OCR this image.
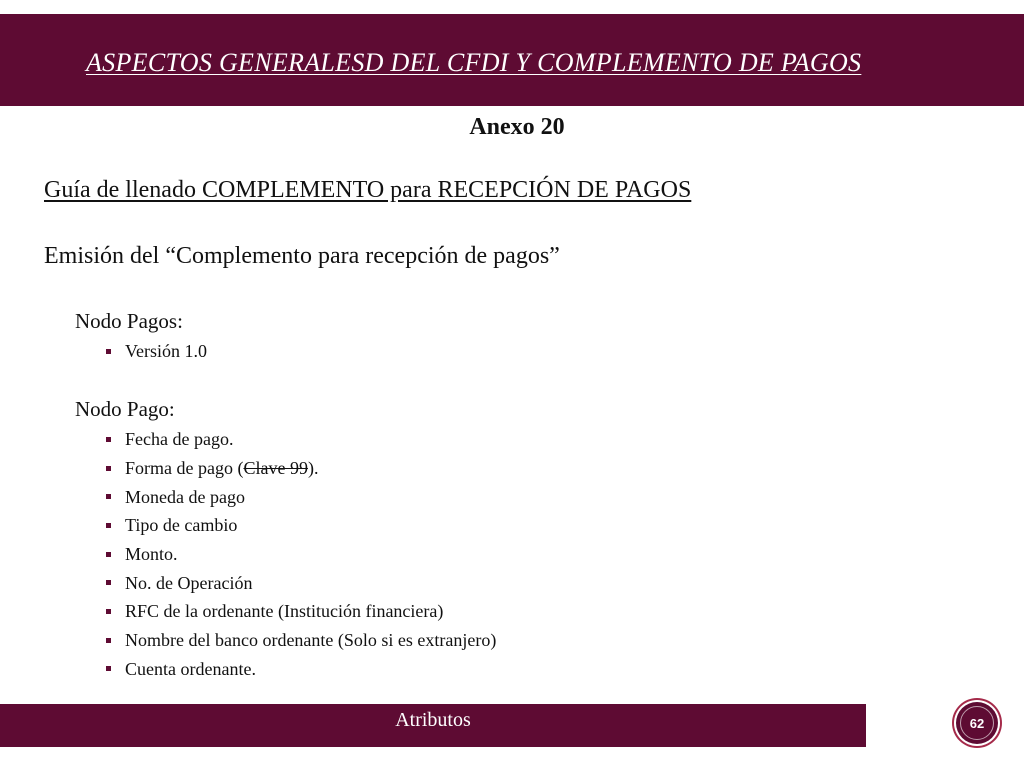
ASPECTOS GENERALESD DEL CFDI Y COMPLEMENTO DE PAGOS
Anexo 20
Guía de llenado COMPLEMENTO para RECEPCIÓN DE PAGOS
Emisión del “Complemento para recepción de pagos”
Nodo Pagos:
Versión 1.0
Nodo Pago:
Fecha de pago.
Forma de pago (Clave 99).
Moneda de pago
Tipo de cambio
Monto.
No. de Operación
RFC de la ordenante (Institución financiera)
Nombre del banco ordenante (Solo si es extranjero)
Cuenta ordenante.
Atributos	62
